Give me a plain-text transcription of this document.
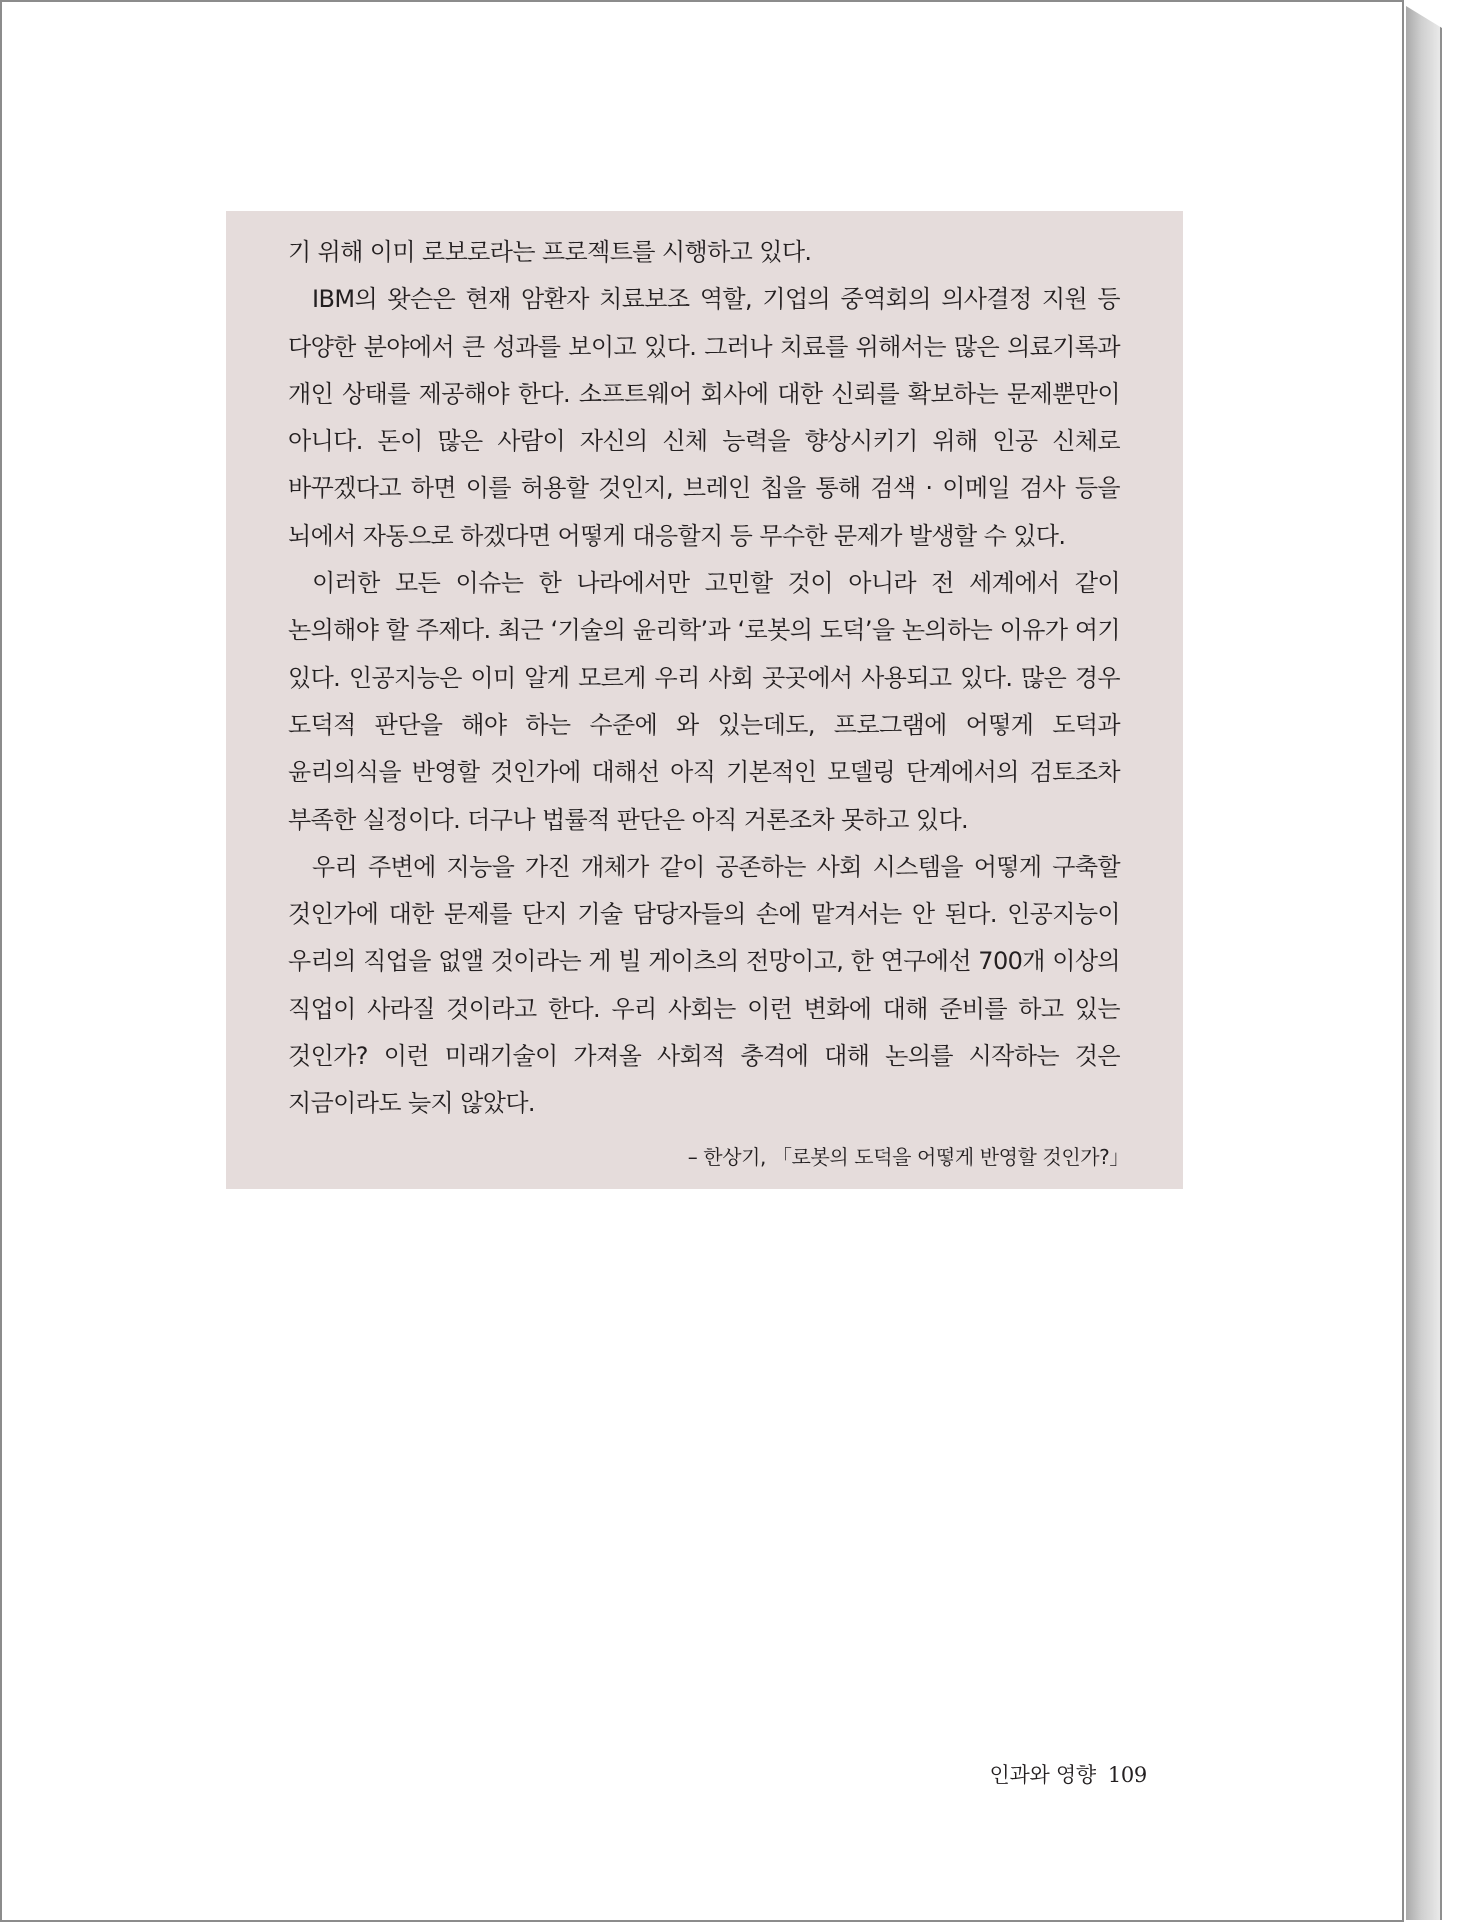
기 위해 이미 로보로라는 프로젝트를 시행하고 있다.

IBM의 왓슨은 현재 암환자 치료보조 역할, 기업의 중역회의 의사결정 지원 등 다양한 분야에서 큰 성과를 보이고 있다. 그러나 치료를 위해서는 많은 의료기록과 개인 상태를 제공해야 한다. 소프트웨어 회사에 대한 신뢰를 확보하는 문제뿐만이 아니다. 돈이 많은 사람이 자신의 신체 능력을 향상시키기 위해 인공 신체로 바꾸겠다고 하면 이를 허용할 것인지, 브레인 칩을 통해 검색 · 이메일 검사 등을 뇌에서 자동으로 하겠다면 어떻게 대응할지 등 무수한 문제가 발생할 수 있다.

이러한 모든 이슈는 한 나라에서만 고민할 것이 아니라 전 세계에서 같이 논의해야 할 주제다. 최근 ‘기술의 윤리학’과 ‘로봇의 도덕’을 논의하는 이유가 여기 있다. 인공지능은 이미 알게 모르게 우리 사회 곳곳에서 사용되고 있다. 많은 경우 도덕적 판단을 해야 하는 수준에 와 있는데도, 프로그램에 어떻게 도덕과 윤리의식을 반영할 것인가에 대해선 아직 기본적인 모델링 단계에서의 검토조차 부족한 실정이다. 더구나 법률적 판단은 아직 거론조차 못하고 있다.

우리 주변에 지능을 가진 개체가 같이 공존하는 사회 시스템을 어떻게 구축할 것인가에 대한 문제를 단지 기술 담당자들의 손에 맡겨서는 안 된다. 인공지능이 우리의 직업을 없앨 것이라는 게 빌 게이츠의 전망이고, 한 연구에선 700개 이상의 직업이 사라질 것이라고 한다. 우리 사회는 이런 변화에 대해 준비를 하고 있는 것인가? 이런 미래기술이 가져올 사회적 충격에 대해 논의를 시작하는 것은 지금이라도 늦지 않았다.

– 한상기, 「로봇의 도덕을 어떻게 반영할 것인가?」
인과와 영향 109
